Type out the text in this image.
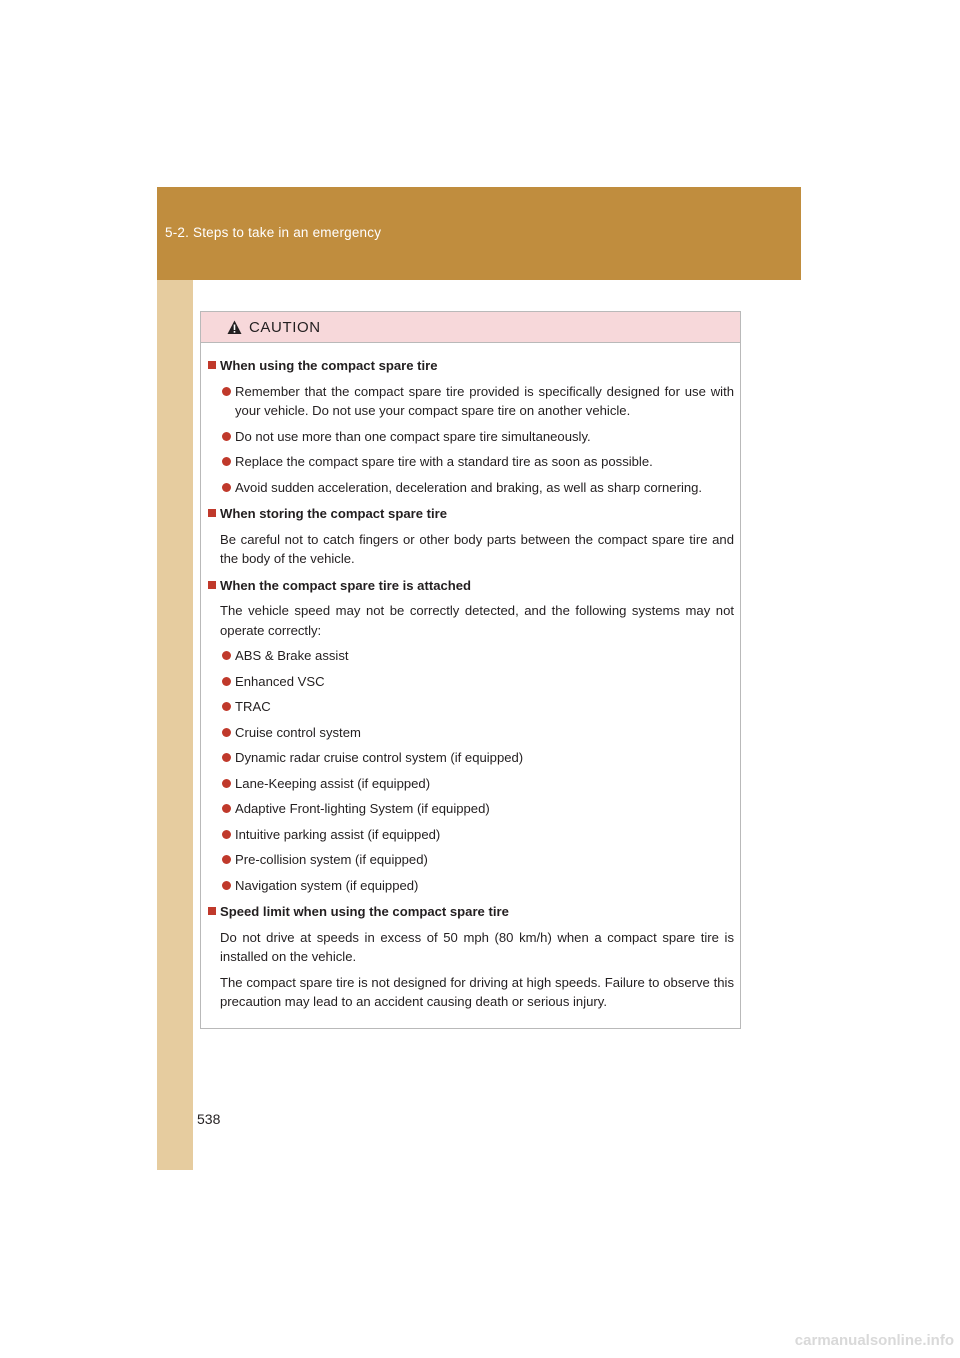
5-2. Steps to take in an emergency
CAUTION
When using the compact spare tire
Remember that the compact spare tire provided is specifically designed for use with your vehicle. Do not use your compact spare tire on another vehicle.
Do not use more than one compact spare tire simultaneously.
Replace the compact spare tire with a standard tire as soon as possible.
Avoid sudden acceleration, deceleration and braking, as well as sharp cornering.
When storing the compact spare tire
Be careful not to catch fingers or other body parts between the compact spare tire and the body of the vehicle.
When the compact spare tire is attached
The vehicle speed may not be correctly detected, and the following systems may not operate correctly:
ABS & Brake assist
Enhanced VSC
TRAC
Cruise control system
Dynamic radar cruise control system (if equipped)
Lane-Keeping assist (if equipped)
Adaptive Front-lighting System (if equipped)
Intuitive parking assist (if equipped)
Pre-collision system (if equipped)
Navigation system (if equipped)
Speed limit when using the compact spare tire
Do not drive at speeds in excess of 50 mph (80 km/h) when a compact spare tire is installed on the vehicle.
The compact spare tire is not designed for driving at high speeds. Failure to observe this precaution may lead to an accident causing death or serious injury.
538
carmanualsonline.info
